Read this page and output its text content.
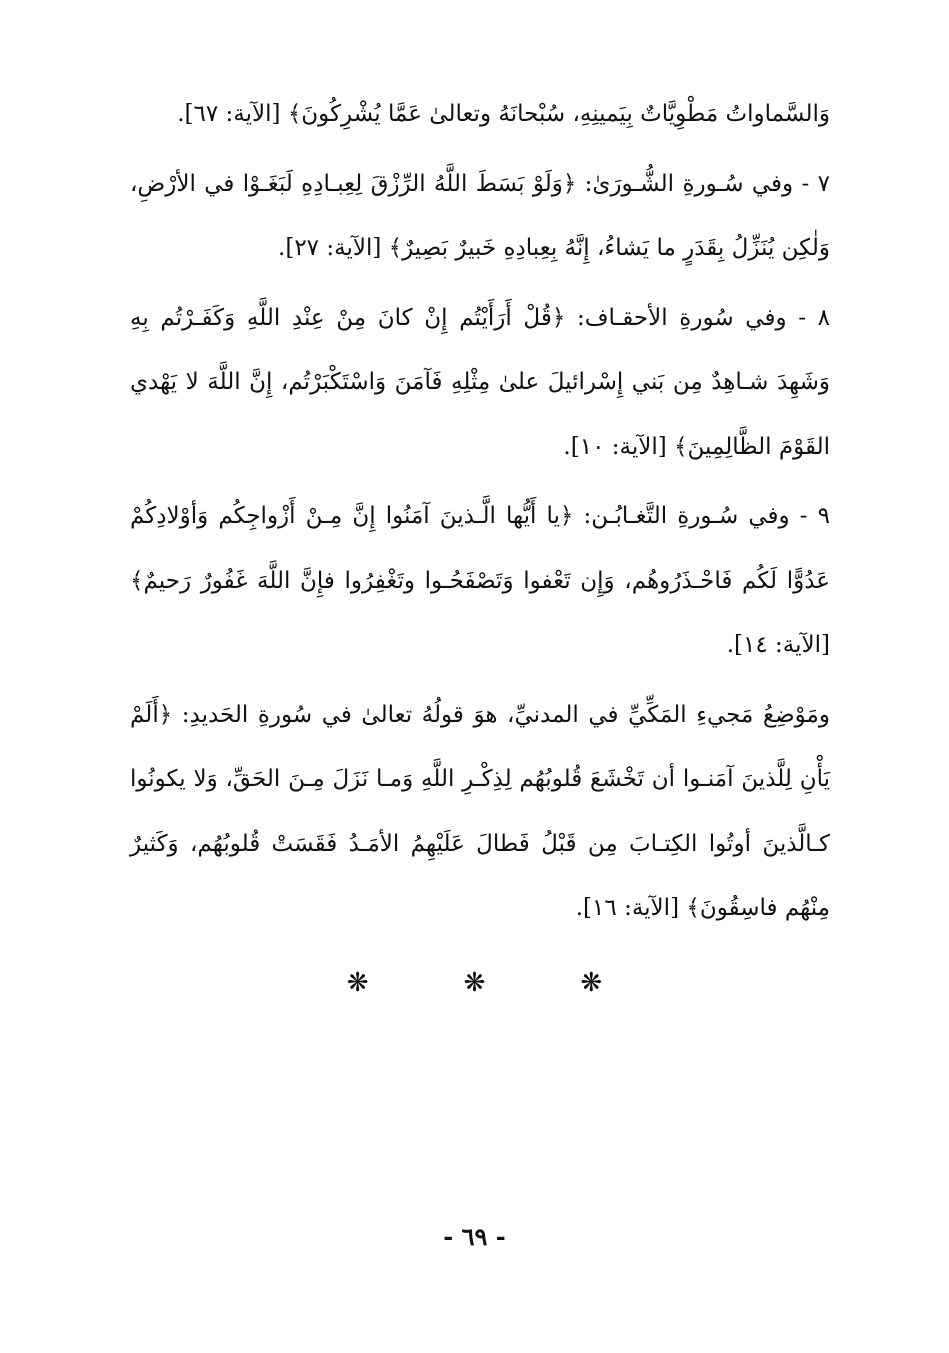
وَالسَّماواتُ مَطْوِيَّاتٌ بِيَمينِهِ، سُبْحانَهُ وتعالىٰ عَمَّا يُشْرِكُونَ﴾ [الآية: ٦٧].

٧ - وفي سُـورةِ الشُّـورَىٰ: ﴿وَلَوْ بَسَطَ اللَّهُ الرِّزْقَ لِعِبـادِهِ لَبَغَـوْا في الأرْضِ، وَلٰكِن يُنَزِّلُ بِقَدَرٍ ما يَشاءُ، إِنَّهُ بِعِبادِهِ خَبيرٌ بَصِيرٌ﴾ [الآية: ٢٧].

٨ - وفي سُورةِ الأحقـاف: ﴿قُلْ أَرَأَيْتُم إِنْ كانَ مِنْ عِنْدِ اللَّهِ وَكَفَـرْتُم بِهِ وَشَهِدَ شـاهِدٌ مِن بَني إِسْرائيلَ علىٰ مِثْلِهِ فَآمَنَ وَاسْتَكْبَرْتُم، إِنَّ اللَّهَ لا يَهْدي القَوْمَ الظَّالِمِينَ﴾ [الآية: ١٠].

٩ - وفي سُـورةِ التَّغـابُـن: ﴿يا أَيُّها الَّـذينَ آمَنُوا إِنَّ مِـنْ أَزْواجِكُم وَأوْلادِكُمْ عَدُوًّا لَكُم فَاحْـذَرُوهُم، وَإِن تَعْفوا وَتَصْفَحُـوا وتَغْفِرُوا فإِنَّ اللَّهَ غَفُورٌ رَحيمٌ﴾ [الآية: ١٤].

ومَوْضِعُ مَجيءِ المَكِّيِّ في المدنيِّ، هوَ قولُهُ تعالىٰ في سُورةِ الحَديدِ: ﴿أَلَمْ يَأْنِ لِلَّذينَ آمَنـوا أن تَخْشَعَ قُلوبُهُم لِذِكْـرِ اللَّهِ وَمـا نَزَلَ مِـنَ الحَقِّ، وَلا يكونُوا كـالَّذينَ أوتُوا الكِتـابَ مِن قَبْلُ فَطالَ عَلَيْهِمُ الأمَـدُ فَقَسَتْ قُلوبُهُم، وَكَثيرٌ مِنْهُم فاسِقُونَ﴾ [الآية: ١٦].

❋	❋	❋
- ٦٩ -
